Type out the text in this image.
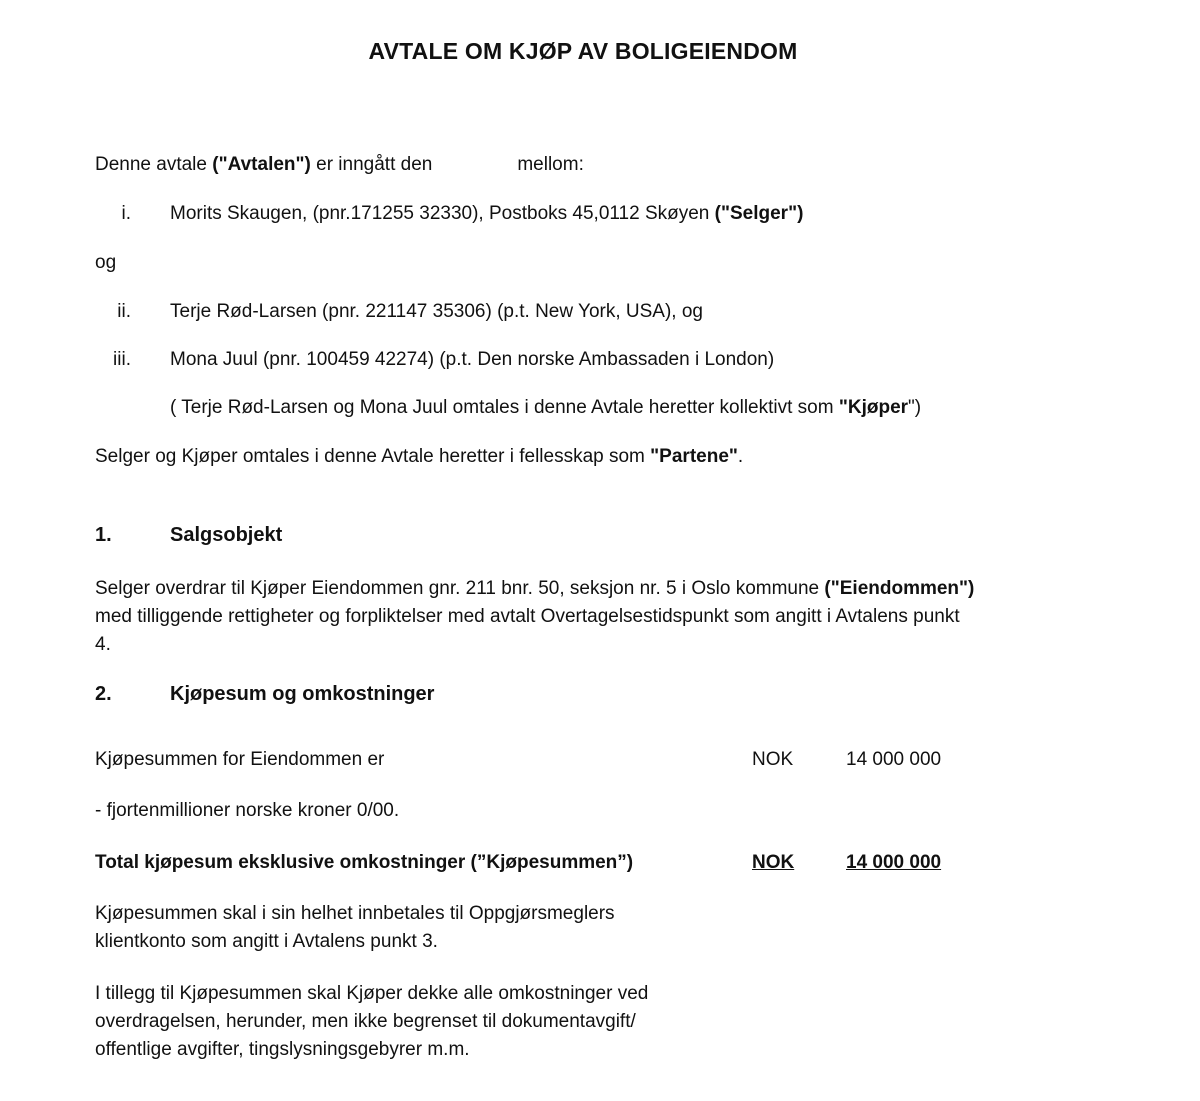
AVTALE OM KJØP AV BOLIGEIENDOM
Denne avtale ("Avtalen") er inngått den	mellom:
i. Morits Skaugen, (pnr.171255 32330), Postboks 45,0112 Skøyen ("Selger")
og
ii. Terje Rød-Larsen (pnr. 221147 35306) (p.t. New York, USA), og
iii. Mona Juul (pnr. 100459 42274) (p.t. Den norske Ambassaden i London)
( Terje Rød-Larsen og Mona Juul omtales i denne Avtale heretter kollektivt som "Kjøper")
Selger og Kjøper omtales i denne Avtale heretter i fellesskap som "Partene".
1.	Salgsobjekt
Selger overdrar til Kjøper Eiendommen gnr. 211 bnr. 50, seksjon nr. 5 i Oslo kommune ("Eiendommen")
med tilliggende rettigheter og forpliktelser med avtalt Overtagelsestidspunkt som angitt i Avtalens punkt
4.
2.	Kjøpesum og omkostninger
Kjøpesummen for Eiendommen er	NOK	14 000 000
- fjortenmillioner norske kroner 0/00.
Total kjøpesum eksklusive omkostninger (”Kjøpesummen”)	NOK	14 000 000
Kjøpesummen skal i sin helhet innbetales til Oppgjørsmeglers
klientkonto som angitt i Avtalens punkt 3.
I tillegg til Kjøpesummen skal Kjøper dekke alle omkostninger ved
overdragelsen, herunder, men ikke begrenset til dokumentavgift/
offentlige avgifter, tingslysningsgebyrer m.m.
